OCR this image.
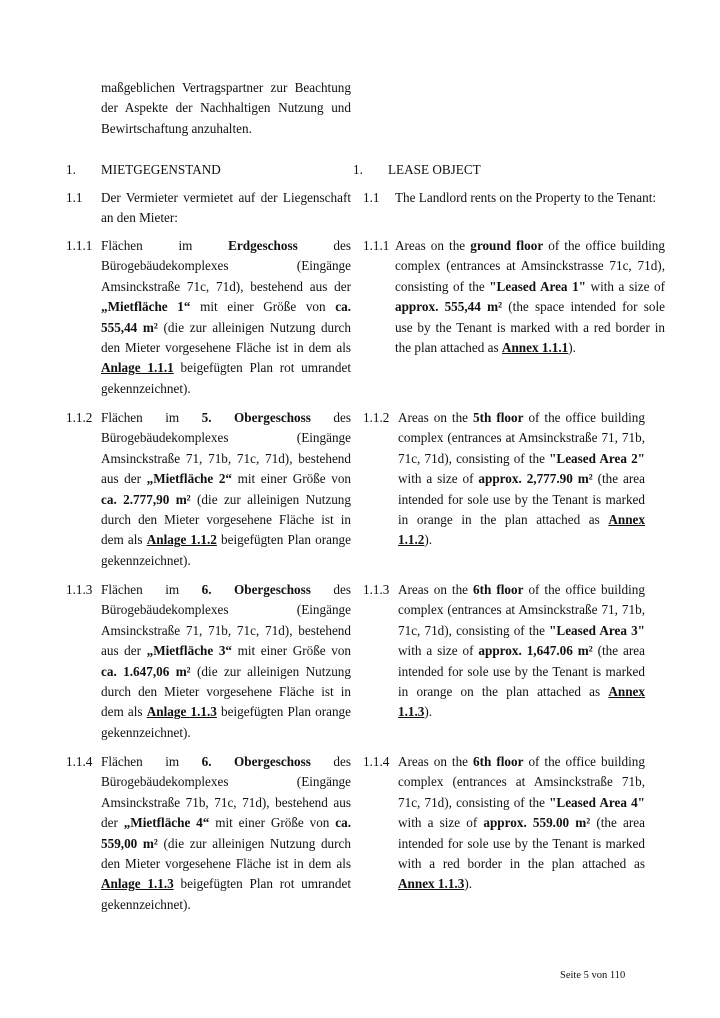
maßgeblichen Vertragspartner zur Beachtung der Aspekte der Nachhaltigen Nutzung und Bewirtschaftung anzuhalten.
1. MIETGEGENSTAND	1. LEASE OBJECT
1.1 Der Vermieter vermietet auf der Liegenschaft an den Mieter:
1.1 The Landlord rents on the Property to the Tenant:
1.1.1 Flächen im Erdgeschoss des Bürogebäudekomplexes (Eingänge Amsinckstraße 71c, 71d), bestehend aus der „Mietfläche 1“ mit einer Größe von ca. 555,44 m² (die zur alleinigen Nutzung durch den Mieter vorgesehene Fläche ist in dem als Anlage 1.1.1 beigefügten Plan rot umrandet gekennzeichnet).
1.1.1 Areas on the ground floor of the office building complex (entrances at Amsinckstrasse 71c, 71d), consisting of the "Leased Area 1" with a size of approx. 555,44 m² (the space intended for sole use by the Tenant is marked with a red border in the plan attached as Annex 1.1.1).
1.1.2 Flächen im 5. Obergeschoss des Bürogebäudekomplexes (Eingänge Amsinckstraße 71, 71b, 71c, 71d), bestehend aus der „Mietfläche 2“ mit einer Größe von ca. 2.777,90 m² (die zur alleinigen Nutzung durch den Mieter vorgesehene Fläche ist in dem als Anlage 1.1.2 beigefügten Plan orange gekennzeichnet).
1.1.2 Areas on the 5th floor of the office building complex (entrances at Amsinckstraße 71, 71b, 71c, 71d), consisting of the "Leased Area 2" with a size of approx. 2,777.90 m² (the area intended for sole use by the Tenant is marked in orange in the plan attached as Annex 1.1.2).
1.1.3 Flächen im 6. Obergeschoss des Bürogebäudekomplexes (Eingänge Amsinckstraße 71, 71b, 71c, 71d), bestehend aus der „Mietfläche 3“ mit einer Größe von ca. 1.647,06 m² (die zur alleinigen Nutzung durch den Mieter vorgesehene Fläche ist in dem als Anlage 1.1.3 beigefügten Plan orange gekennzeichnet).
1.1.3 Areas on the 6th floor of the office building complex (entrances at Amsinckstraße 71, 71b, 71c, 71d), consisting of the "Leased Area 3" with a size of approx. 1,647.06 m² (the area intended for sole use by the Tenant is marked in orange on the plan attached as Annex 1.1.3).
1.1.4 Flächen im 6. Obergeschoss des Bürogebäudekomplexes (Eingänge Amsinckstraße 71b, 71c, 71d), bestehend aus der „Mietfläche 4“ mit einer Größe von ca. 559,00 m² (die zur alleinigen Nutzung durch den Mieter vorgesehene Fläche ist in dem als Anlage 1.1.3 beigefügten Plan rot umrandet gekennzeichnet).
1.1.4 Areas on the 6th floor of the office building complex (entrances at Amsinckstraße 71b, 71c, 71d), consisting of the "Leased Area 4" with a size of approx. 559.00 m² (the area intended for sole use by the Tenant is marked with a red border in the plan attached as Annex 1.1.3).
Seite 5 von 110
